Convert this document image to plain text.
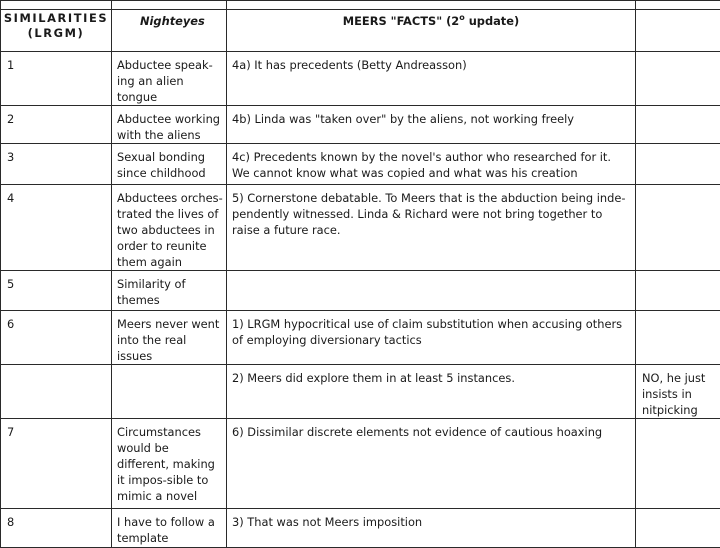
SIMILARITIES
(LRGM)	Nighteyes	MEERS "FACTS" (2$^o$ update)	
1	Abductee speak-ing an alien tongue	4a) It has precedents (Betty Andreasson)	
2	Abductee working with the aliens	4b) Linda was "taken over" by the aliens, not working freely	
3	Sexual bonding since childhood	4c) Precedents known by the novel's author who researched for it. We cannot know what was copied and what was his creation	
4	Abductees orches-trated the lives of two abductees in order to reunite them again	5) Cornerstone debatable. To Meers that is the abduction being inde-pendently witnessed. Linda & Richard were not bring together to raise a future race.	
5	Similarity of themes		
6	Meers never went into the real issues	1) LRGM hypocritical use of claim substitution when accusing others of employing diversionary tactics	
		2) Meers did explore them in at least 5 instances.	NO, he just insists in nitpicking
7	Circumstances would be different, making it impos-sible to mimic a novel	6) Dissimilar discrete elements not evidence of cautious hoaxing	
8	I have to follow a template	3) That was not Meers imposition	
